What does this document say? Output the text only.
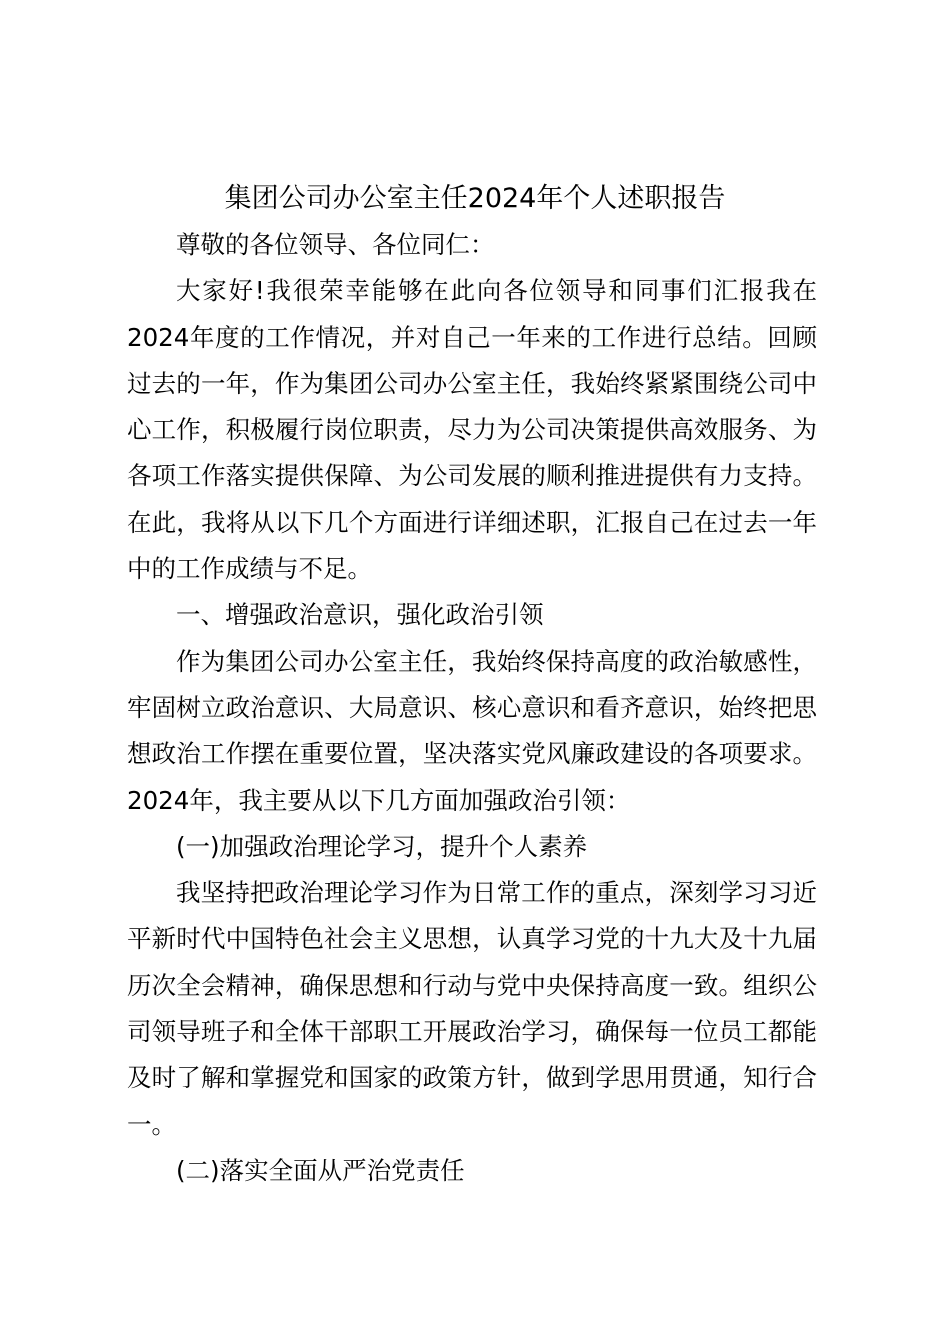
集团公司办公室主任2024年个人述职报告

尊敬的各位领导、各位同仁：

大家好!我很荣幸能够在此向各位领导和同事们汇报我在2024年度的工作情况，并对自己一年来的工作进行总结。回顾过去的一年，作为集团公司办公室主任，我始终紧紧围绕公司中心工作，积极履行岗位职责，尽力为公司决策提供高效服务、为各项工作落实提供保障、为公司发展的顺利推进提供有力支持。在此，我将从以下几个方面进行详细述职，汇报自己在过去一年中的工作成绩与不足。

一、增强政治意识，强化政治引领

作为集团公司办公室主任，我始终保持高度的政治敏感性，牢固树立政治意识、大局意识、核心意识和看齐意识，始终把思想政治工作摆在重要位置，坚决落实党风廉政建设的各项要求。2024年，我主要从以下几方面加强政治引领：

(一)加强政治理论学习，提升个人素养

我坚持把政治理论学习作为日常工作的重点，深刻学习习近平新时代中国特色社会主义思想，认真学习党的十九大及十九届历次全会精神，确保思想和行动与党中央保持高度一致。组织公司领导班子和全体干部职工开展政治学习，确保每一位员工都能及时了解和掌握党和国家的政策方针，做到学思用贯通，知行合一。

(二)落实全面从严治党责任
